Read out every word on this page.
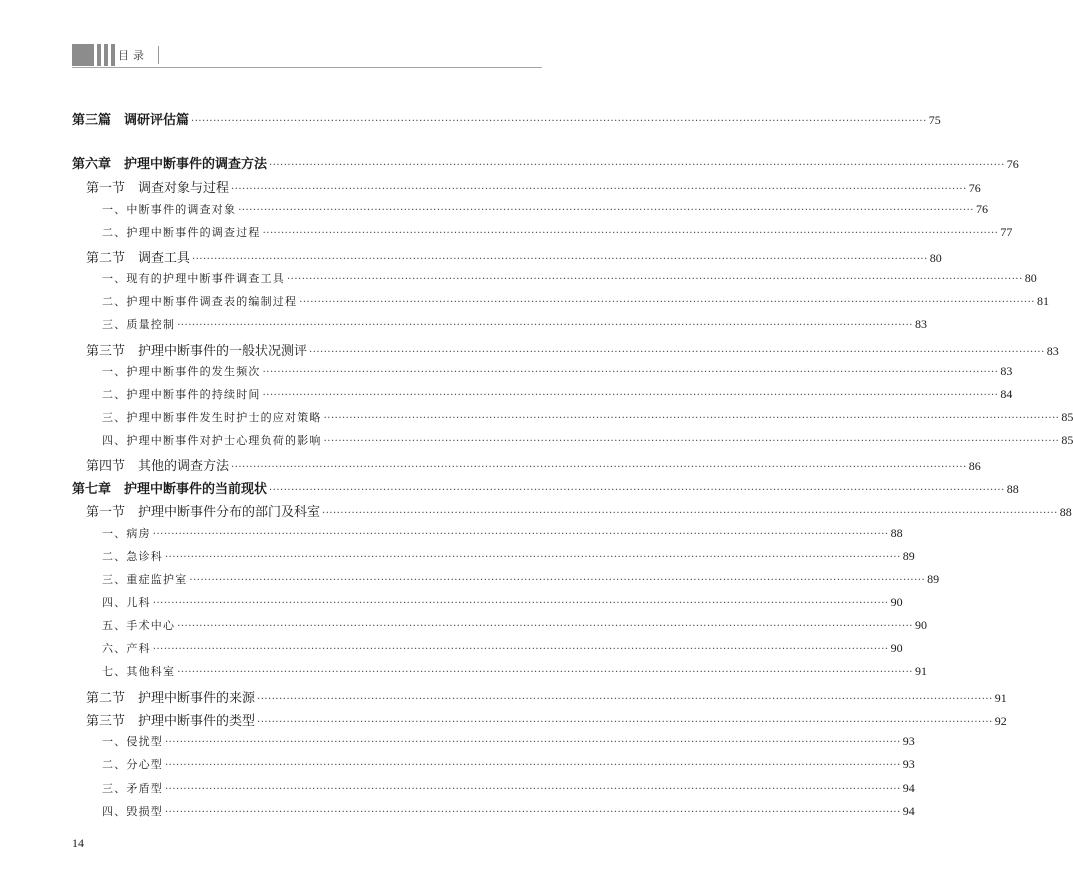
目录
第三篇　调研评估篇 ········································································································································································································ 75
第六章　护理中断事件的调查方法 ········································································································································································································ 76
第一节　调查对象与过程 ········································································································································································································ 76
一、中断事件的调查对象 ········································································································································································································ 76
二、护理中断事件的调查过程 ········································································································································································································ 77
第二节　调查工具 ········································································································································································································ 80
一、现有的护理中断事件调查工具 ········································································································································································································ 80
二、护理中断事件调查表的编制过程 ········································································································································································································ 81
三、质量控制 ········································································································································································································ 83
第三节　护理中断事件的一般状况测评 ········································································································································································································ 83
一、护理中断事件的发生频次 ········································································································································································································ 83
二、护理中断事件的持续时间 ········································································································································································································ 84
三、护理中断事件发生时护士的应对策略 ········································································································································································································ 85
四、护理中断事件对护士心理负荷的影响 ········································································································································································································ 85
第四节　其他的调查方法 ········································································································································································································ 86
第七章　护理中断事件的当前现状 ········································································································································································································ 88
第一节　护理中断事件分布的部门及科室 ········································································································································································································ 88
一、病房 ········································································································································································································ 88
二、急诊科 ········································································································································································································ 89
三、重症监护室 ········································································································································································································ 89
四、儿科 ········································································································································································································ 90
五、手术中心 ········································································································································································································ 90
六、产科 ········································································································································································································ 90
七、其他科室 ········································································································································································································ 91
第二节　护理中断事件的来源 ········································································································································································································ 91
第三节　护理中断事件的类型 ········································································································································································································ 92
一、侵扰型 ········································································································································································································ 93
二、分心型 ········································································································································································································ 93
三、矛盾型 ········································································································································································································ 94
四、毁损型 ········································································································································································································ 94
14
